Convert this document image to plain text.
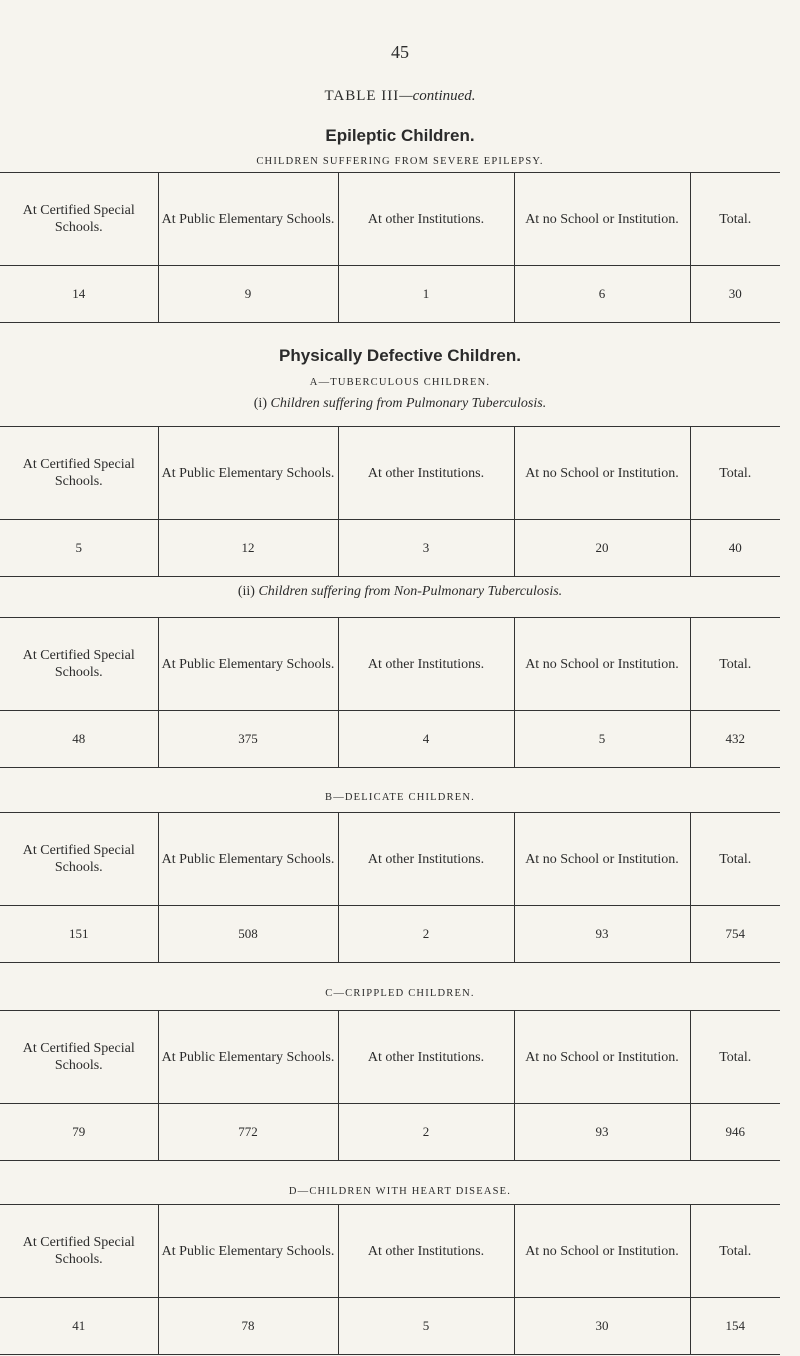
45
TABLE III—continued.
Epileptic Children.
CHILDREN SUFFERING FROM SEVERE EPILEPSY.
At Certified Special Schools.	At Public Elementary Schools.	At other Institutions.	At no School or Institution.	Total.
14	9	1	6	30
Physically Defective Children.
A—TUBERCULOUS CHILDREN.
(i) Children suffering from Pulmonary Tuberculosis.
At Certified Special Schools.	At Public Elementary Schools.	At other Institutions.	At no School or Institution.	Total.
5	12	3	20	40
(ii) Children suffering from Non-Pulmonary Tuberculosis.
At Certified Special Schools.	At Public Elementary Schools.	At other Institutions.	At no School or Institution.	Total.
48	375	4	5	432
B—DELICATE CHILDREN.
At Certified Special Schools.	At Public Elementary Schools.	At other Institutions.	At no School or Institution.	Total.
151	508	2	93	754
C—CRIPPLED CHILDREN.
At Certified Special Schools.	At Public Elementary Schools.	At other Institutions.	At no School or Institution.	Total.
79	772	2	93	946
D—CHILDREN WITH HEART DISEASE.
At Certified Special Schools.	At Public Elementary Schools.	At other Institutions.	At no School or Institution.	Total.
41	78	5	30	154
